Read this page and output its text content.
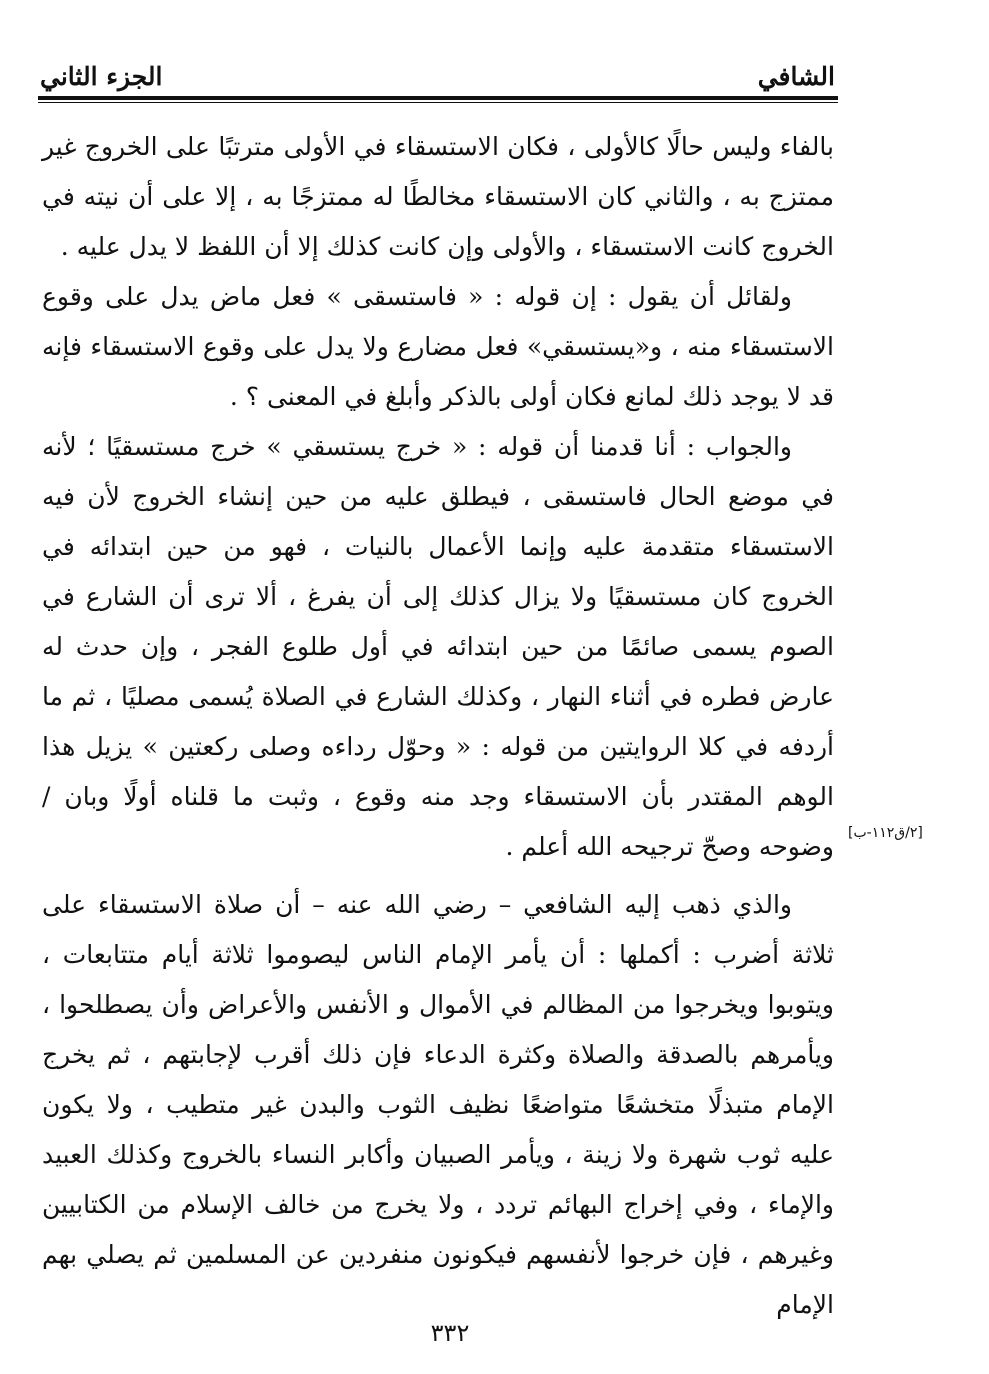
الشافي
الجزء الثاني

بالفاء وليس حالًا كالأولى ، فكان الاستسقاء في الأولى مترتبًا على الخروج غير ممتزج به ، والثاني كان الاستسقاء مخالطًا له ممتزجًا به ، إلا على أن نيته في الخروج كانت الاستسقاء ، والأولى وإن كانت كذلك إلا أن اللفظ لا يدل عليه .

ولقائل أن يقول : إن قوله : « فاستسقى » فعل ماض يدل على وقوع الاستسقاء منه ، و«يستسقي» فعل مضارع ولا يدل على وقوع الاستسقاء فإنه قد لا يوجد ذلك لمانع فكان أولى بالذكر وأبلغ في المعنى ؟ .

والجواب : أنا قدمنا أن قوله : « خرج يستسقي » خرج مستسقيًا ؛ لأنه في موضع الحال فاستسقى ، فيطلق عليه من حين إنشاء الخروج لأن فيه الاستسقاء متقدمة عليه وإنما الأعمال بالنيات ، فهو من حين ابتدائه في الخروج كان مستسقيًا ولا يزال كذلك إلى أن يفرغ ، ألا ترى أن الشارع في الصوم يسمى صائمًا من حين ابتدائه في أول طلوع الفجر ، وإن حدث له عارض فطره في أثناء النهار ، وكذلك الشارع في الصلاة يُسمى مصليًا ، ثم ما أردفه في كلا الروايتين من قوله : « وحوّل رداءه وصلى ركعتين » يزيل هذا الوهم المقتدر بأن الاستسقاء وجد منه وقوع ، وثبت ما قلناه أولًا وبان / وضوحه وصحّ ترجيحه الله أعلم .

والذي ذهب إليه الشافعي – رضي الله عنه – أن صلاة الاستسقاء على ثلاثة أضرب : أكملها : أن يأمر الإمام الناس ليصوموا ثلاثة أيام متتابعات ، ويتوبوا ويخرجوا من المظالم في الأموال و الأنفس والأعراض وأن يصطلحوا ، ويأمرهم بالصدقة والصلاة وكثرة الدعاء فإن ذلك أقرب لإجابتهم ، ثم يخرج الإمام متبذلًا متخشعًا متواضعًا نظيف الثوب والبدن غير متطيب ، ولا يكون عليه ثوب شهرة ولا زينة ، ويأمر الصبيان وأكابر النساء بالخروج وكذلك العبيد والإماء ، وفي إخراج البهائم تردد ، ولا يخرج من خالف الإسلام من الكتابيين وغيرهم ، فإن خرجوا لأنفسهم فيكونون منفردين عن المسلمين ثم يصلي بهم الإمام

[٢/ق١١٢-ب]
٣٣٢
